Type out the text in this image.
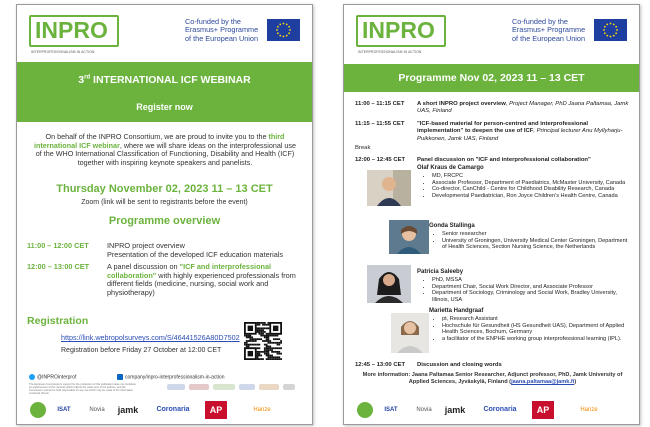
INPRO
INTERPROFESSIONALISM IN ACTION
Co-funded by the
Erasmus+ Programme
of the European Union
3rd INTERNATIONAL ICF WEBINAR
Register now
On behalf of the INPRO Consortium, we are proud to invite you to the third international ICF webinar, where we will share ideas on the interprofessional use of the WHO International Classification of Functioning, Disability and Health (ICF) together with inspiring keynote speakers and panelists.
Thursday November 02, 2023 11 – 13 CET
Zoom (link will be sent to registrants before the event)
Programme overview
11:00 – 12:00 CET	INPRO project overview
Presentation of the developed ICF education materials
12:00 – 13:00 CET	A panel discussion on "ICF and interprofessional collaboration" with highly experienced professionals from different fields (medicine, nursing, social work and physiotherapy)
Registration
https://link.webropolsurveys.com/S/46441526A80D7502
Registration before Friday 27 October at 12:00 CET
@INPROinterprof	company/inpro-interprofessionalism-in-action
The European Commission's support for the production of this publication does not constitute an endorsement of the contents which reflects the views only of the authors, and the Commission cannot be held responsible for any use which may be made of the information contained therein.
ISAT	Novia	jamk	Coronaria	AP	Hanze
INPRO
INTERPROFESSIONALISM IN ACTION
Co-funded by the
Erasmus+ Programme
of the European Union
Programme Nov 02, 2023 11 – 13 CET
11:00 – 11:15 CET	A short INPRO project overview, Project Manager, PhD Jaana Paltamaa, Jamk UAS, Finland
11:15 – 11:55 CET	"ICF-based material for person-centred and interprofessional implementation" to deepen the use of ICF, Principal lecturer Anu Myllyharju-Puikkonen, Jamk UAS, Finland
Break
12:00 – 12:45 CET	Panel discussion on "ICF and interprofessional collaboration"
Olaf Kraus de Camargo
• MD, FRCPC
• Associate Professor, Department of Paediatrics, McMaster University, Canada
• Co-director, CanChild - Centre for Childhood Disability Research, Canada
• Developmental Paediatrician, Ron Joyce Children's Health Centre, Canada
Gonda Stallinga
• Senior researcher
• University of Groningen, University Medical Center Groningen, Department of Health Sciences, Section Nursing Science, the Netherlands
Patricia Saleeby
• PhD, MSSA
• Department Chair, Social Work Director, and Associate Professor
• Department of Sociology, Criminology and Social Work, Bradley University, Illinois, USA
Marietta Handgraaf
• pt, Research Assistant
• Hochschule für Gesundheit (HS Gesundheit UAS), Department of Applied Health Sciences, Bochum, Germany
• a facilitator of the ENPHE working group interprofessional learning (IPL).
12:45 – 13:00 CET	Discussion and closing words
More information: Jaana Paltamaa Senior Researcher, Adjunct professor, PhD, Jamk University of Applied Sciences, Jyväskylä, Finland (jaana.paltamaa@jamk.fi)
ISAT	Novia	jamk	Coronaria	AP	Hanze
